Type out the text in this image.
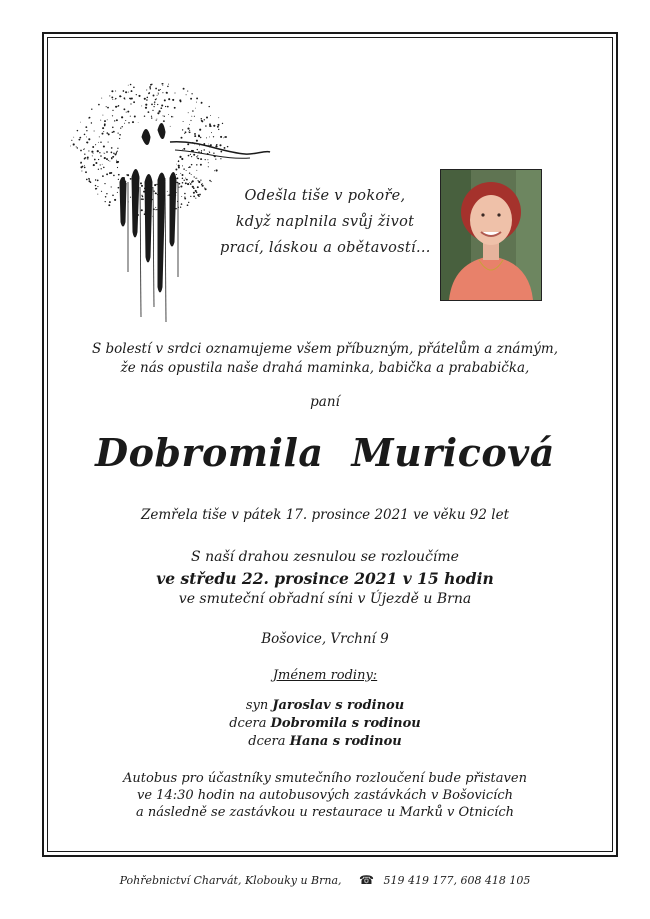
Odešla tiše v pokoře,
když naplnila svůj život
prací, láskou a obětavostí...
S bolestí v srdci oznamujeme všem příbuzným, přátelům a známým,
že nás opustila naše drahá maminka, babička a prababička,
paní
Dobromila Muricová
Zemřela tiše v pátek 17. prosince 2021 ve věku 92 let
S naší drahou zesnulou se rozloučíme
ve středu 22. prosince 2021 v 15 hodin
ve smuteční obřadní síni v Újezdě u Brna
Bošovice, Vrchní 9
Jménem rodiny:
syn Jaroslav s rodinou
dcera Dobromila s rodinou
dcera Hana s rodinou
Autobus pro účastníky smutečního rozloučení bude přistaven
ve 14:30 hodin na autobusových zastávkách v Bošovicích
a následně se zastávkou u restaurace u Marků v Otnicích
Pohřebnictví Charvát, Klobouky u Brna, ☎ 519 419 177, 608 418 105
